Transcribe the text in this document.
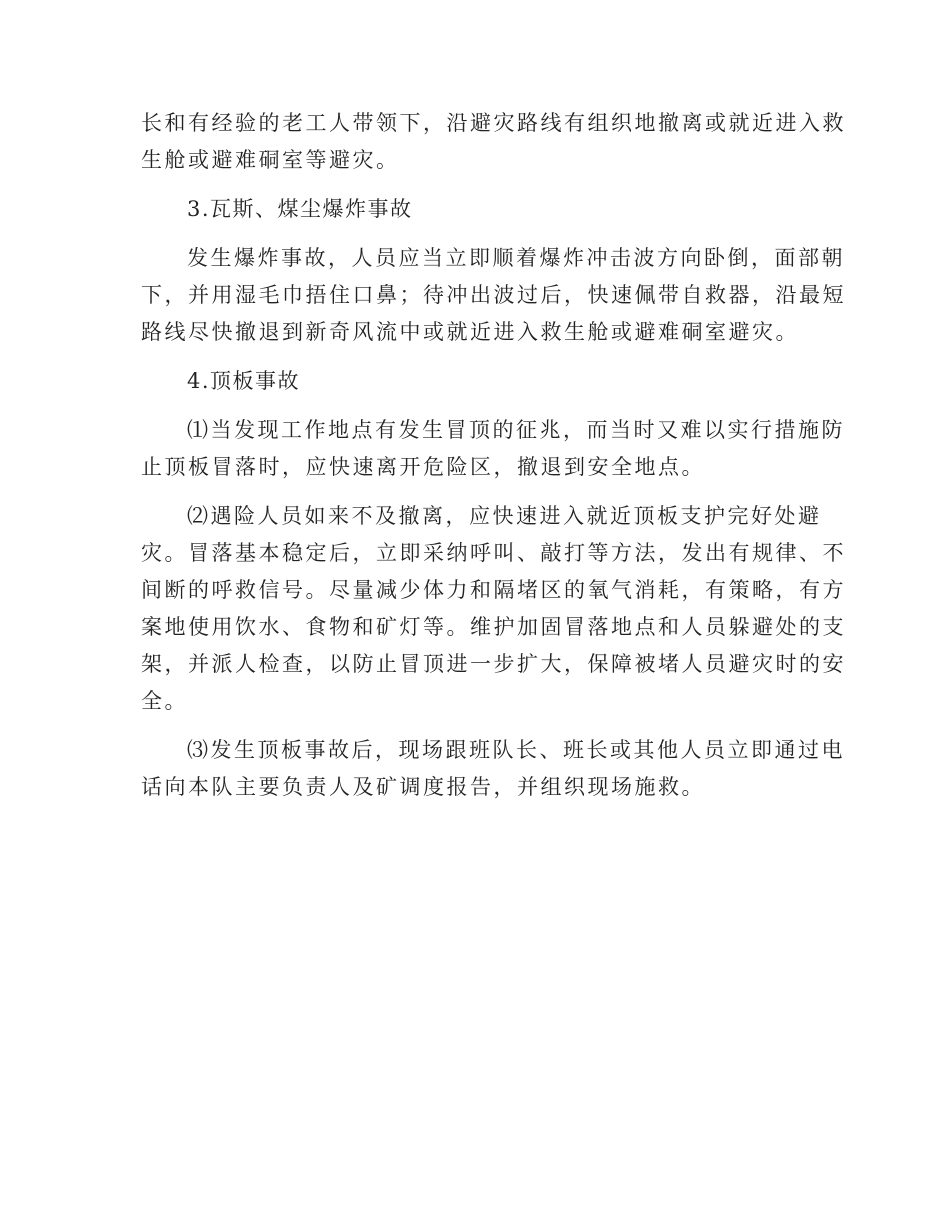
长和有经验的老工人带领下，沿避灾路线有组织地撤离或就近进入救
生舱或避难硐室等避灾。

3.瓦斯、煤尘爆炸事故

发生爆炸事故，人员应当立即顺着爆炸冲击波方向卧倒，面部朝
下，并用湿毛巾捂住口鼻；待冲出波过后，快速佩带自救器，沿最短
路线尽快撤退到新奇风流中或就近进入救生舱或避难硐室避灾。

4.顶板事故

⑴当发现工作地点有发生冒顶的征兆，而当时又难以实行措施防
止顶板冒落时，应快速离开危险区，撤退到安全地点。

⑵遇险人员如来不及撤离，应快速进入就近顶板支护完好处避
灾。冒落基本稳定后，立即采纳呼叫、敲打等方法，发出有规律、不
间断的呼救信号。尽量减少体力和隔堵区的氧气消耗，有策略，有方
案地使用饮水、食物和矿灯等。维护加固冒落地点和人员躲避处的支
架，并派人检查，以防止冒顶进一步扩大，保障被堵人员避灾时的安
全。

⑶发生顶板事故后，现场跟班队长、班长或其他人员立即通过电
话向本队主要负责人及矿调度报告，并组织现场施救。
